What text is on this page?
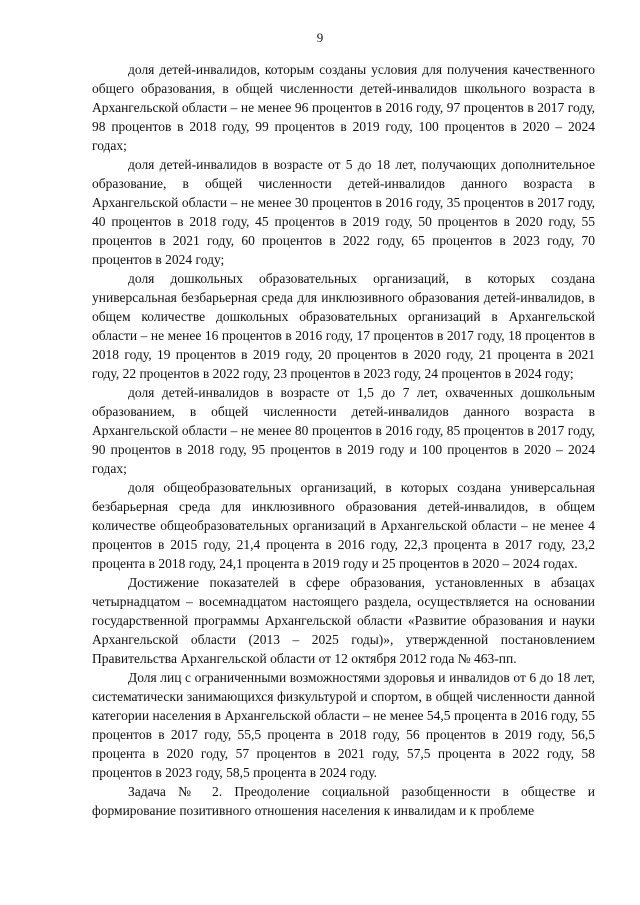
9

доля детей-инвалидов, которым созданы условия для получения качественного общего образования, в общей численности детей-инвалидов школьного возраста в Архангельской области – не менее 96 процентов в 2016 году, 97 процентов в 2017 году, 98 процентов в 2018 году, 99 процентов в 2019 году, 100 процентов в 2020 – 2024 годах;

доля детей-инвалидов в возрасте от 5 до 18 лет, получающих дополнительное образование, в общей численности детей-инвалидов данного возраста в Архангельской области – не менее 30 процентов в 2016 году, 35 процентов в 2017 году, 40 процентов в 2018 году, 45 процентов в 2019 году, 50 процентов в 2020 году, 55 процентов в 2021 году, 60 процентов в 2022 году, 65 процентов в 2023 году, 70 процентов в 2024 году;

доля дошкольных образовательных организаций, в которых создана универсальная безбарьерная среда для инклюзивного образования детей-инвалидов, в общем количестве дошкольных образовательных организаций в Архангельской области – не менее 16 процентов в 2016 году, 17 процентов в 2017 году, 18 процентов в 2018 году, 19 процентов в 2019 году, 20 процентов в 2020 году, 21 процента в 2021 году, 22 процентов в 2022 году, 23 процентов в 2023 году, 24 процентов в 2024 году;

доля детей-инвалидов в возрасте от 1,5 до 7 лет, охваченных дошкольным образованием, в общей численности детей-инвалидов данного возраста в Архангельской области – не менее 80 процентов в 2016 году, 85 процентов в 2017 году, 90 процентов в 2018 году, 95 процентов в 2019 году и 100 процентов в 2020 – 2024 годах;

доля общеобразовательных организаций, в которых создана универсальная безбарьерная среда для инклюзивного образования детей-инвалидов, в общем количестве общеобразовательных организаций в Архангельской области – не менее 4 процентов в 2015 году, 21,4 процента в 2016 году, 22,3 процента в 2017 году, 23,2 процента в 2018 году, 24,1 процента в 2019 году и 25 процентов в 2020 – 2024 годах.

Достижение показателей в сфере образования, установленных в абзацах четырнадцатом – восемнадцатом настоящего раздела, осуществляется на основании государственной программы Архангельской области «Развитие образования и науки Архангельской области (2013 – 2025 годы)», утвержденной постановлением Правительства Архангельской области от 12 октября 2012 года № 463-пп.

Доля лиц с ограниченными возможностями здоровья и инвалидов от 6 до 18 лет, систематически занимающихся физкультурой и спортом, в общей численности данной категории населения в Архангельской области – не менее 54,5 процента в 2016 году, 55 процентов в 2017 году, 55,5 процента в 2018 году, 56 процентов в 2019 году, 56,5 процента в 2020 году, 57 процентов в 2021 году, 57,5 процента в 2022 году, 58 процентов в 2023 году, 58,5 процента в 2024 году.

Задача № 2. Преодоление социальной разобщенности в обществе и формирование позитивного отношения населения к инвалидам и к проблеме
